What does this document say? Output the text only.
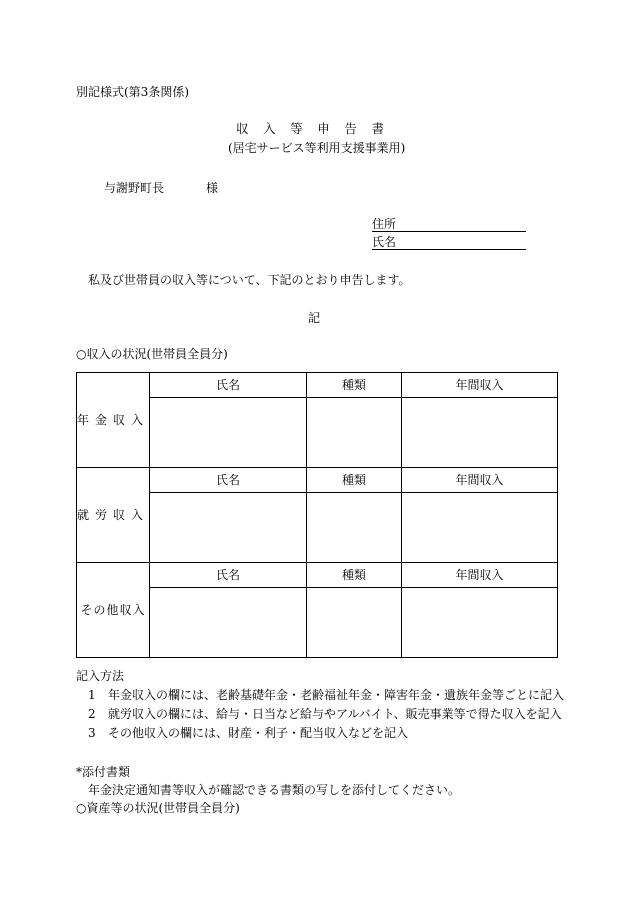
別記様式(第3条関係)
収入等申告書
(居宅サービス等利用支援事業用)
与謝野町長	様
住所
氏名
私及び世帯員の収入等について、下記のとおり申告します。
記
○収入の状況(世帯員全員分)
年金収入	氏名	種類	年間収入

就労収入	氏名	種類	年間収入

その他収入	氏名	種類	年間収入

記入方法
1 年金収入の欄には、老齢基礎年金・老齢福祉年金・障害年金・遺族年金等ごとに記入
2 就労収入の欄には、給与・日当など給与やアルバイト、販売事業等で得た収入を記入
3 その他収入の欄には、財産・利子・配当収入などを記入
*添付書類
年金決定通知書等収入が確認できる書類の写しを添付してください。
○資産等の状況(世帯員全員分)
